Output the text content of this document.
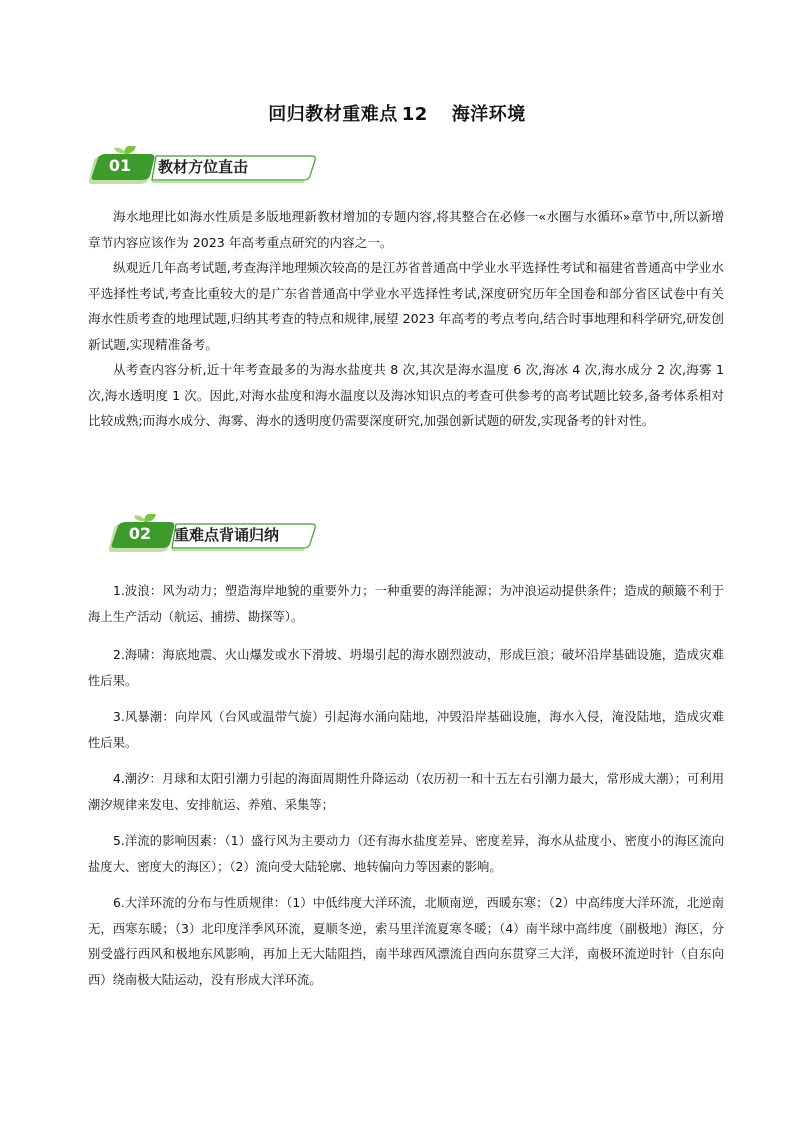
回归教材重难点 12 海洋环境
01	教材方位直击

海水地理比如海水性质是多版地理新教材增加的专题内容,将其整合在必修一«水圈与水循环»章节中,所以新增章节内容应该作为 2023 年高考重点研究的内容之一。

纵观近几年高考试题,考查海洋地理频次较高的是江苏省普通高中学业水平选择性考试和福建省普通高中学业水平选择性考试,考查比重较大的是广东省普通高中学业水平选择性考试,深度研究历年全国卷和部分省区试卷中有关海水性质考查的地理试题,归纳其考查的特点和规律,展望 2023 年高考的考点考向,结合时事地理和科学研究,研发创新试题,实现精准备考。

从考查内容分析,近十年考查最多的为海水盐度共 8 次,其次是海水温度 6 次,海冰 4 次,海水成分 2 次,海雾 1 次,海水透明度 1 次。因此,对海水盐度和海水温度以及海冰知识点的考查可供参考的高考试题比较多,备考体系相对比较成熟;而海水成分、海雾、海水的透明度仍需要深度研究,加强创新试题的研发,实现备考的针对性。

02	重难点背诵归纳

1.波浪：风为动力；塑造海岸地貌的重要外力；一种重要的海洋能源；为冲浪运动提供条件；造成的颠簸不利于海上生产活动（航运、捕捞、勘探等）。

2.海啸：海底地震、火山爆发或水下滑坡、坍塌引起的海水剧烈波动，形成巨浪；破坏沿岸基础设施，造成灾难性后果。

3.风暴潮：向岸风（台风或温带气旋）引起海水涌向陆地，冲毁沿岸基础设施，海水入侵，淹没陆地，造成灾难性后果。

4.潮汐：月球和太阳引潮力引起的海面周期性升降运动（农历初一和十五左右引潮力最大，常形成大潮）；可利用潮汐规律来发电、安排航运、养殖、采集等；

5.洋流的影响因素：（1）盛行风为主要动力（还有海水盐度差异、密度差异，海水从盐度小、密度小的海区流向盐度大、密度大的海区）；（2）流向受大陆轮廓、地转偏向力等因素的影响。

6.大洋环流的分布与性质规律：（1）中低纬度大洋环流，北顺南逆，西暖东寒；（2）中高纬度大洋环流，北逆南无，西寒东暖；（3）北印度洋季风环流，夏顺冬逆，索马里洋流夏寒冬暖；（4）南半球中高纬度（副极地）海区，分别受盛行西风和极地东风影响，再加上无大陆阻挡，南半球西风漂流自西向东贯穿三大洋，南极环流逆时针（自东向西）绕南极大陆运动，没有形成大洋环流。
